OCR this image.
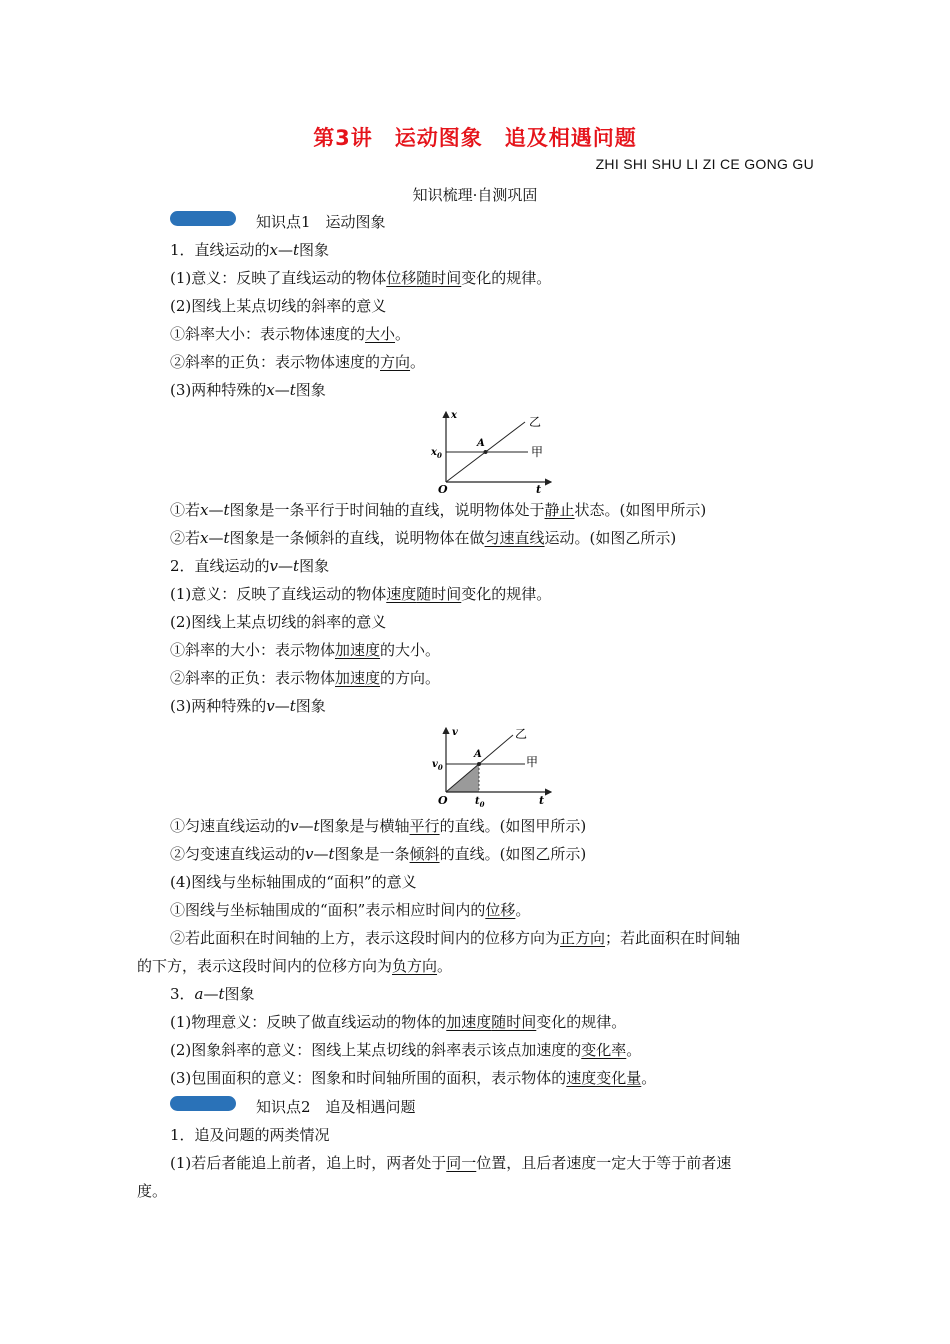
第3讲　运动图象　追及相遇问题
ZHI SHI SHU LI ZI CE GONG GU
知识梳理·自测巩固
知识点1　运动图象
1．直线运动的x—t图象
(1)意义：反映了直线运动的物体位移随时间变化的规律。
(2)图线上某点切线的斜率的意义
①斜率大小：表示物体速度的大小。
②斜率的正负：表示物体速度的方向。
(3)两种特殊的x—t图象
x
t
O
$x_0$
A
乙
甲
①若x—t图象是一条平行于时间轴的直线，说明物体处于静止状态。(如图甲所示)
②若x—t图象是一条倾斜的直线，说明物体在做匀速直线运动。(如图乙所示)
2．直线运动的v—t图象
(1)意义：反映了直线运动的物体速度随时间变化的规律。
(2)图线上某点切线的斜率的意义
①斜率的大小：表示物体加速度的大小。
②斜率的正负：表示物体加速度的方向。
(3)两种特殊的v—t图象
v
t
O
$v_0$
$t_0$
A
乙
甲
①匀速直线运动的v—t图象是与横轴平行的直线。(如图甲所示)
②匀变速直线运动的v—t图象是一条倾斜的直线。(如图乙所示)
(4)图线与坐标轴围成的“面积”的意义
①图线与坐标轴围成的“面积”表示相应时间内的位移。
②若此面积在时间轴的上方，表示这段时间内的位移方向为正方向；若此面积在时间轴
的下方，表示这段时间内的位移方向为负方向。
3．a—t图象
(1)物理意义：反映了做直线运动的物体的加速度随时间变化的规律。
(2)图象斜率的意义：图线上某点切线的斜率表示该点加速度的变化率。
(3)包围面积的意义：图象和时间轴所围的面积，表示物体的速度变化量。
知识点2　追及相遇问题
1．追及问题的两类情况
(1)若后者能追上前者，追上时，两者处于同一位置，且后者速度一定大于等于前者速
度。
